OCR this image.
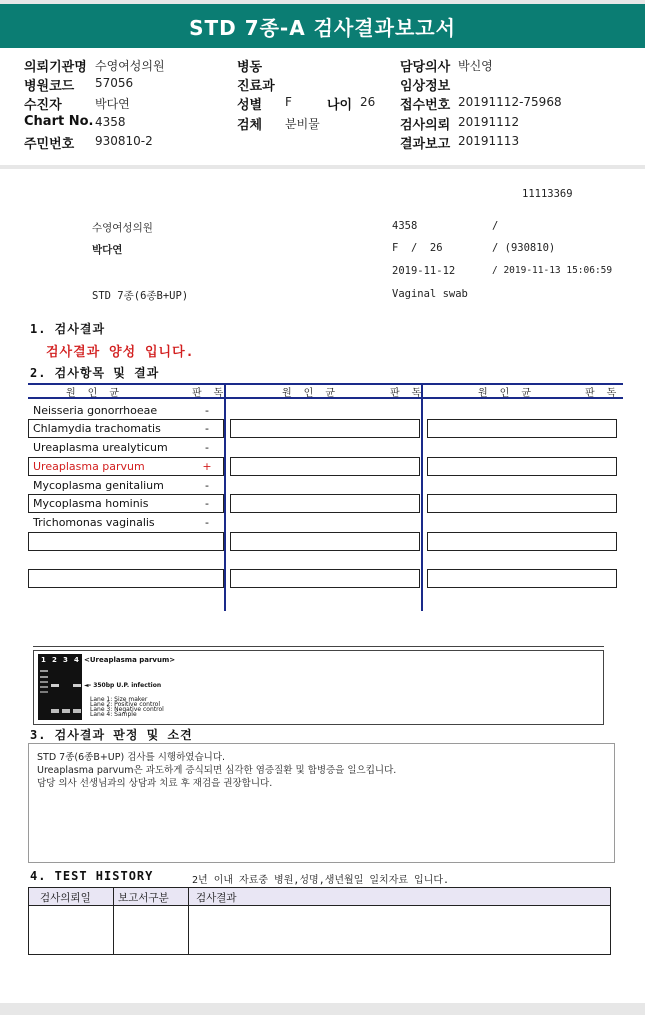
STD 7종-A 검사결과보고서
의뢰기관명 수영여성의원
병원코드 57056
수진자	박다연
Chart No. 4358
주민번호 930810-2
병동
진료과
성별 F	나이 26
검체 분비물
담당의사 박신영
임상정보
접수번호 20191112-75968
검사의뢰 20191112
결과보고 20191113
11113369
수영여성의원	4358	/
박다연	F  /  26	/ (930810)
2019-11-12	/ 2019-11-13 15:06:59
STD 7종(6종B+UP)	Vaginal swab
1. 검사결과
검사결과 양성 입니다.
2. 검사항목 및 결과
원 인 균	판 독	원 인 균	판 독	원 인 균	판 독
Neisseria gonorrhoeae	-
Chlamydia trachomatis	-
Ureaplasma urealyticum	-
Ureaplasma parvum	+
Mycoplasma genitalium	-
Mycoplasma hominis	-
Trichomonas vaginalis	-
1 2 3 4 <Ureaplasma parvum>
◄- 350bp U.P. infection
Lane 1: Size maker
Lane 2: Positive control
Lane 3: Negative control
Lane 4: Sample
3. 검사결과 판정 및 소견
STD 7종(6종B+UP) 검사를 시행하였습니다.
Ureaplasma parvum은 과도하게 증식되면 심각한 염증질환 및 합병증을 일으킵니다.
담당 의사 선생님과의 상담과 치료 후 재검을 권장합니다.
4. TEST HISTORY	2년 이내 자료중 병원,성명,생년월일 일치자료 입니다.
검사의뢰일	보고서구분	검사결과
